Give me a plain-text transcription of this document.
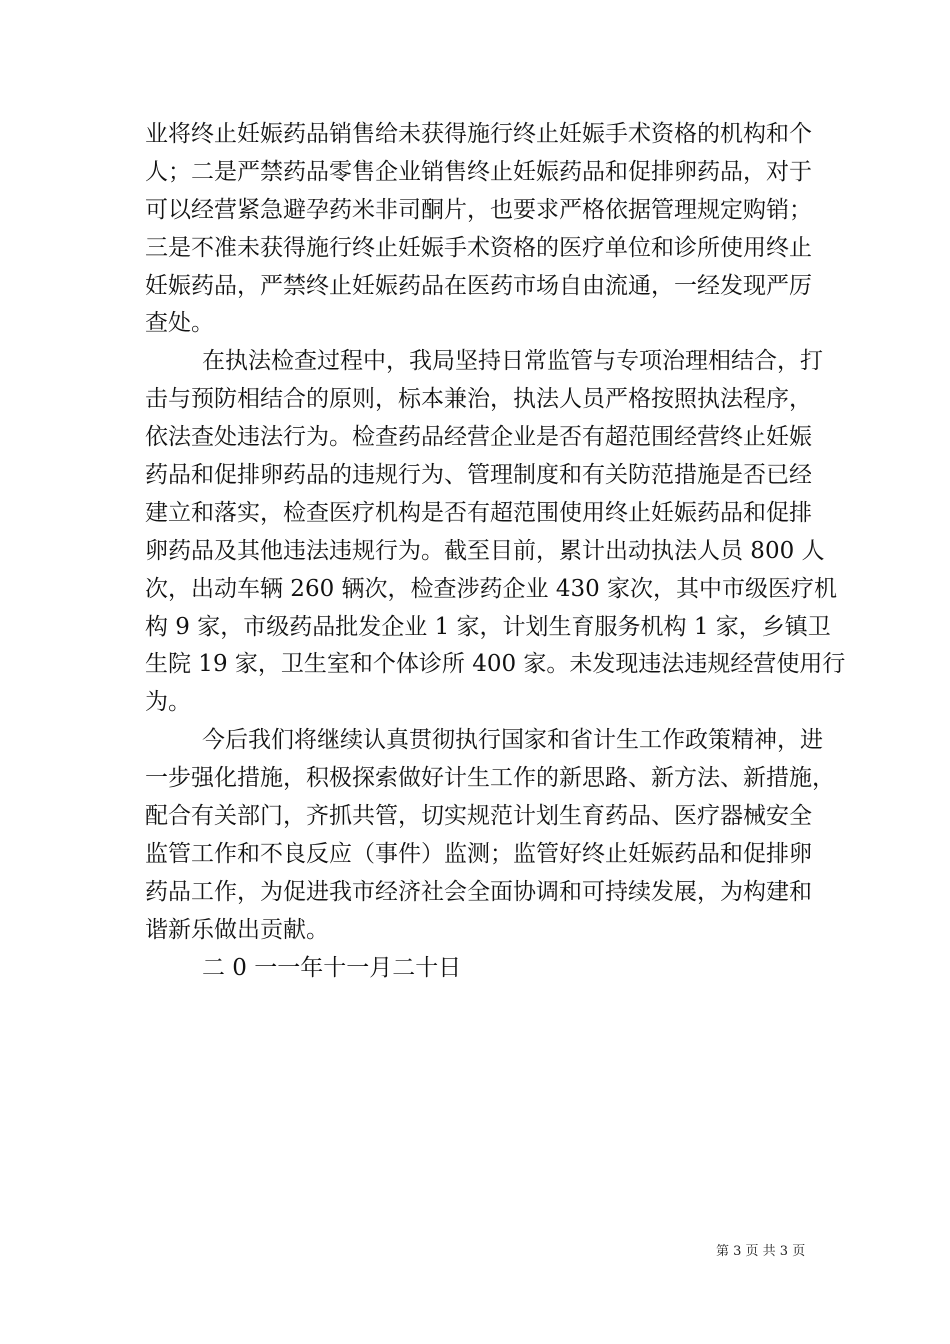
业将终止妊娠药品销售给未获得施行终止妊娠手术资格的机构和个
人；二是严禁药品零售企业销售终止妊娠药品和促排卵药品，对于
可以经营紧急避孕药米非司酮片，也要求严格依据管理规定购销；
三是不准未获得施行终止妊娠手术资格的医疗单位和诊所使用终止
妊娠药品，严禁终止妊娠药品在医药市场自由流通，一经发现严厉
查处。
在执法检查过程中，我局坚持日常监管与专项治理相结合，打
击与预防相结合的原则，标本兼治，执法人员严格按照执法程序，
依法查处违法行为。检查药品经营企业是否有超范围经营终止妊娠
药品和促排卵药品的违规行为、管理制度和有关防范措施是否已经
建立和落实，检查医疗机构是否有超范围使用终止妊娠药品和促排
卵药品及其他违法违规行为。截至目前，累计出动执法人员 800 人
次，出动车辆 260 辆次，检查涉药企业 430 家次，其中市级医疗机
构 9 家，市级药品批发企业 1 家，计划生育服务机构 1 家，乡镇卫
生院 19 家，卫生室和个体诊所 400 家。未发现违法违规经营使用行
为。
今后我们将继续认真贯彻执行国家和省计生工作政策精神，进
一步强化措施，积极探索做好计生工作的新思路、新方法、新措施，
配合有关部门，齐抓共管，切实规范计划生育药品、医疗器械安全
监管工作和不良反应（事件）监测；监管好终止妊娠药品和促排卵
药品工作，为促进我市经济社会全面协调和可持续发展，为构建和
谐新乐做出贡献。
二 0 一一年十一月二十日
第 3 页 共 3 页
